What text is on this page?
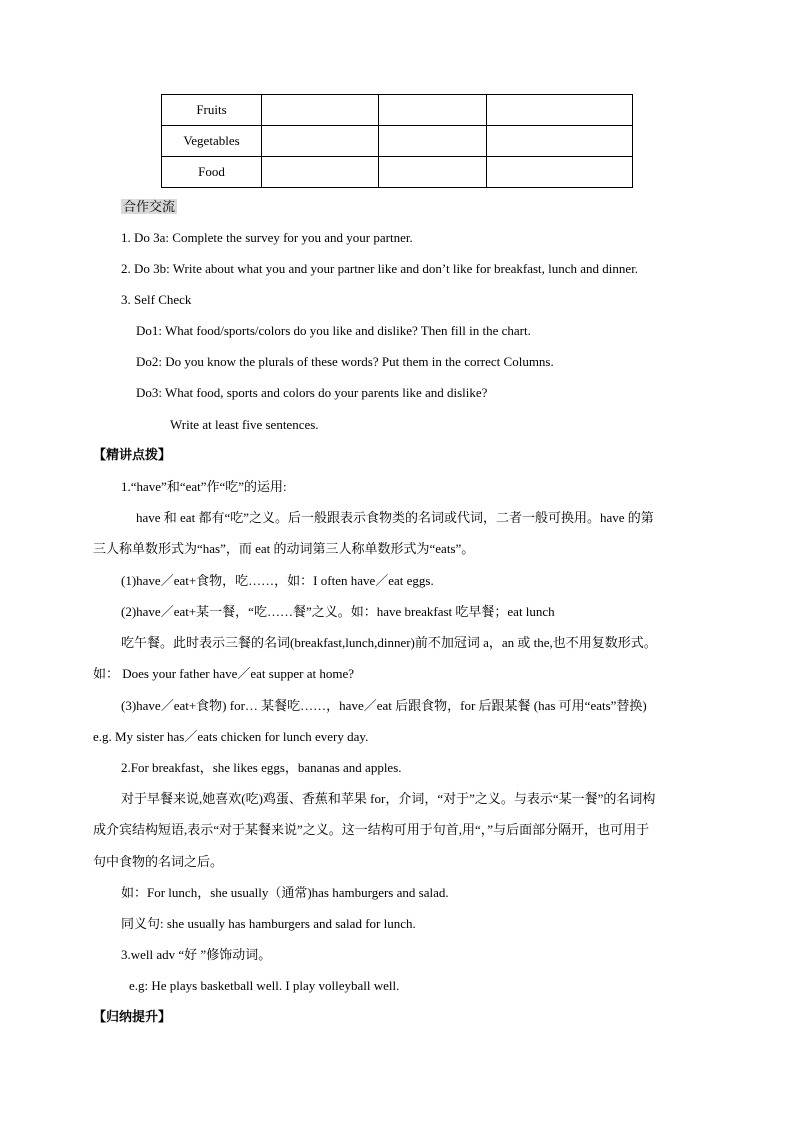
Fruits			
Vegetables			
Food			
合作交流
1. Do 3a: Complete the survey for you and your partner.
2. Do 3b: Write about what you and your partner like and don’t like for breakfast, lunch and dinner.
3. Self Check
Do1: What food/sports/colors do you like and dislike? Then fill in the chart.
Do2: Do you know the plurals of these words? Put them in the correct Columns.
Do3: What food, sports and colors do your parents like and dislike?
Write at least five sentences.
【精讲点拨】
1.“have”和“eat”作“吃”的运用:
have 和 eat 都有“吃”之义。后一般跟表示食物类的名词或代词，二者一般可换用。have 的第
三人称单数形式为“has”，而 eat 的动词第三人称单数形式为“eats”。
(1)have／eat+食物，吃……，如：I often have／eat eggs.
(2)have／eat+某一餐，“吃……餐”之义。如：have breakfast 吃早餐；eat lunch
吃午餐。此时表示三餐的名词(breakfast,lunch,dinner)前不加冠词 a，an 或 the,也不用复数形式。
如： Does your father have／eat supper at home?
(3)have／eat+食物) for… 某餐吃……，have／eat 后跟食物，for 后跟某餐 (has 可用“eats”替换)
e.g. My sister has／eats chicken for lunch every day.
2.For breakfast，she likes eggs，bananas and apples.
对于早餐来说,她喜欢(吃)鸡蛋、香蕉和苹果 for，介词，“对于”之义。与表示“某一餐”的名词构
成介宾结构短语,表示“对于某餐来说”之义。这一结构可用于句首,用“，”与后面部分隔开，也可用于
句中食物的名词之后。
如：For lunch，she usually（通常)has hamburgers and salad.
同义句: she usually has hamburgers and salad for lunch.
3.well adv “好 ”修饰动词。
e.g: He plays basketball well. I play volleyball well.
【归纳提升】
